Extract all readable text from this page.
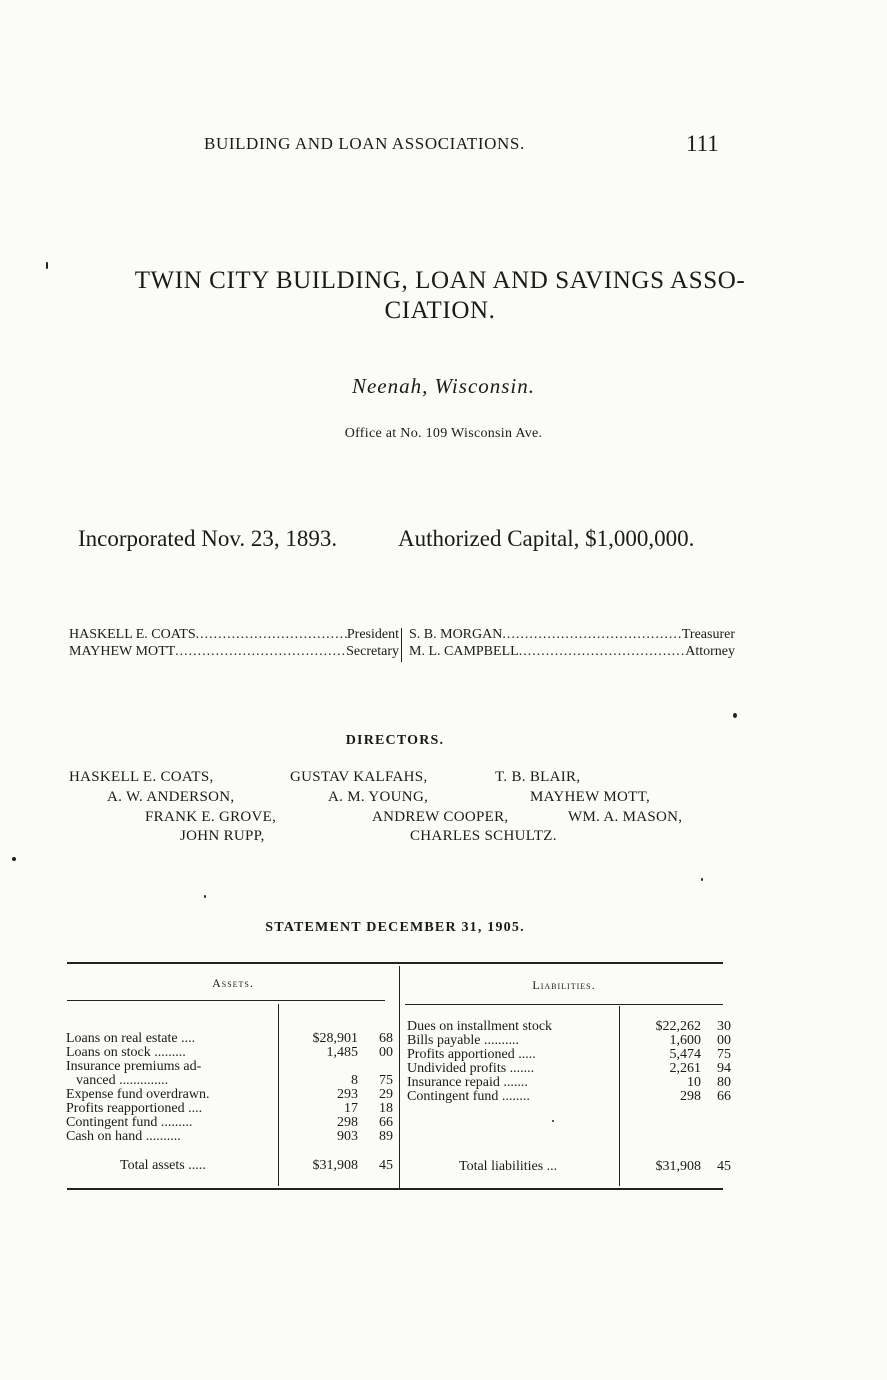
BUILDING AND LOAN ASSOCIATIONS.	111
TWIN CITY BUILDING, LOAN AND SAVINGS ASSO-
CIATION.
Neenah, Wisconsin.
Office at No. 109 Wisconsin Ave.
Incorporated Nov. 23, 1893.	Authorized Capital, $1,000,000.
HASKELL E. COATS .....	President
MAYHEW MOTT .....	Secretary
S. B. MORGAN .....	Treasurer
M. L. CAMPBELL .....	Attorney
DIRECTORS.
HASKELL E. COATS,	GUSTAV KALFAHS,	T. B. BLAIR,
A. W. ANDERSON,	A. M. YOUNG,	MAYHEW MOTT,
FRANK E. GROVE,	ANDREW COOPER,	WM. A. MASON,
JOHN RUPP,	CHARLES SCHULTZ.
STATEMENT DECEMBER 31, 1905.
Assets.	Liabilities.
Loans on real estate ....	$28,901 68
Loans on stock .........	1,485 00
Insurance premiums ad-
vanced ..............	8 75
Expense fund overdrawn.	293 29
Profits reapportioned ....	17 18
Contingent fund .........	298 66
Cash on hand ..........	903 89
Total assets .....	$31,908 45
Dues on installment stock	$22,262 30
Bills payable ..........	1,600 00
Profits apportioned .....	5,474 75
Undivided profits .......	2,261 94
Insurance repaid .......	10 80
Contingent fund ........	298 66
Total liabilities ...	$31,908 45
